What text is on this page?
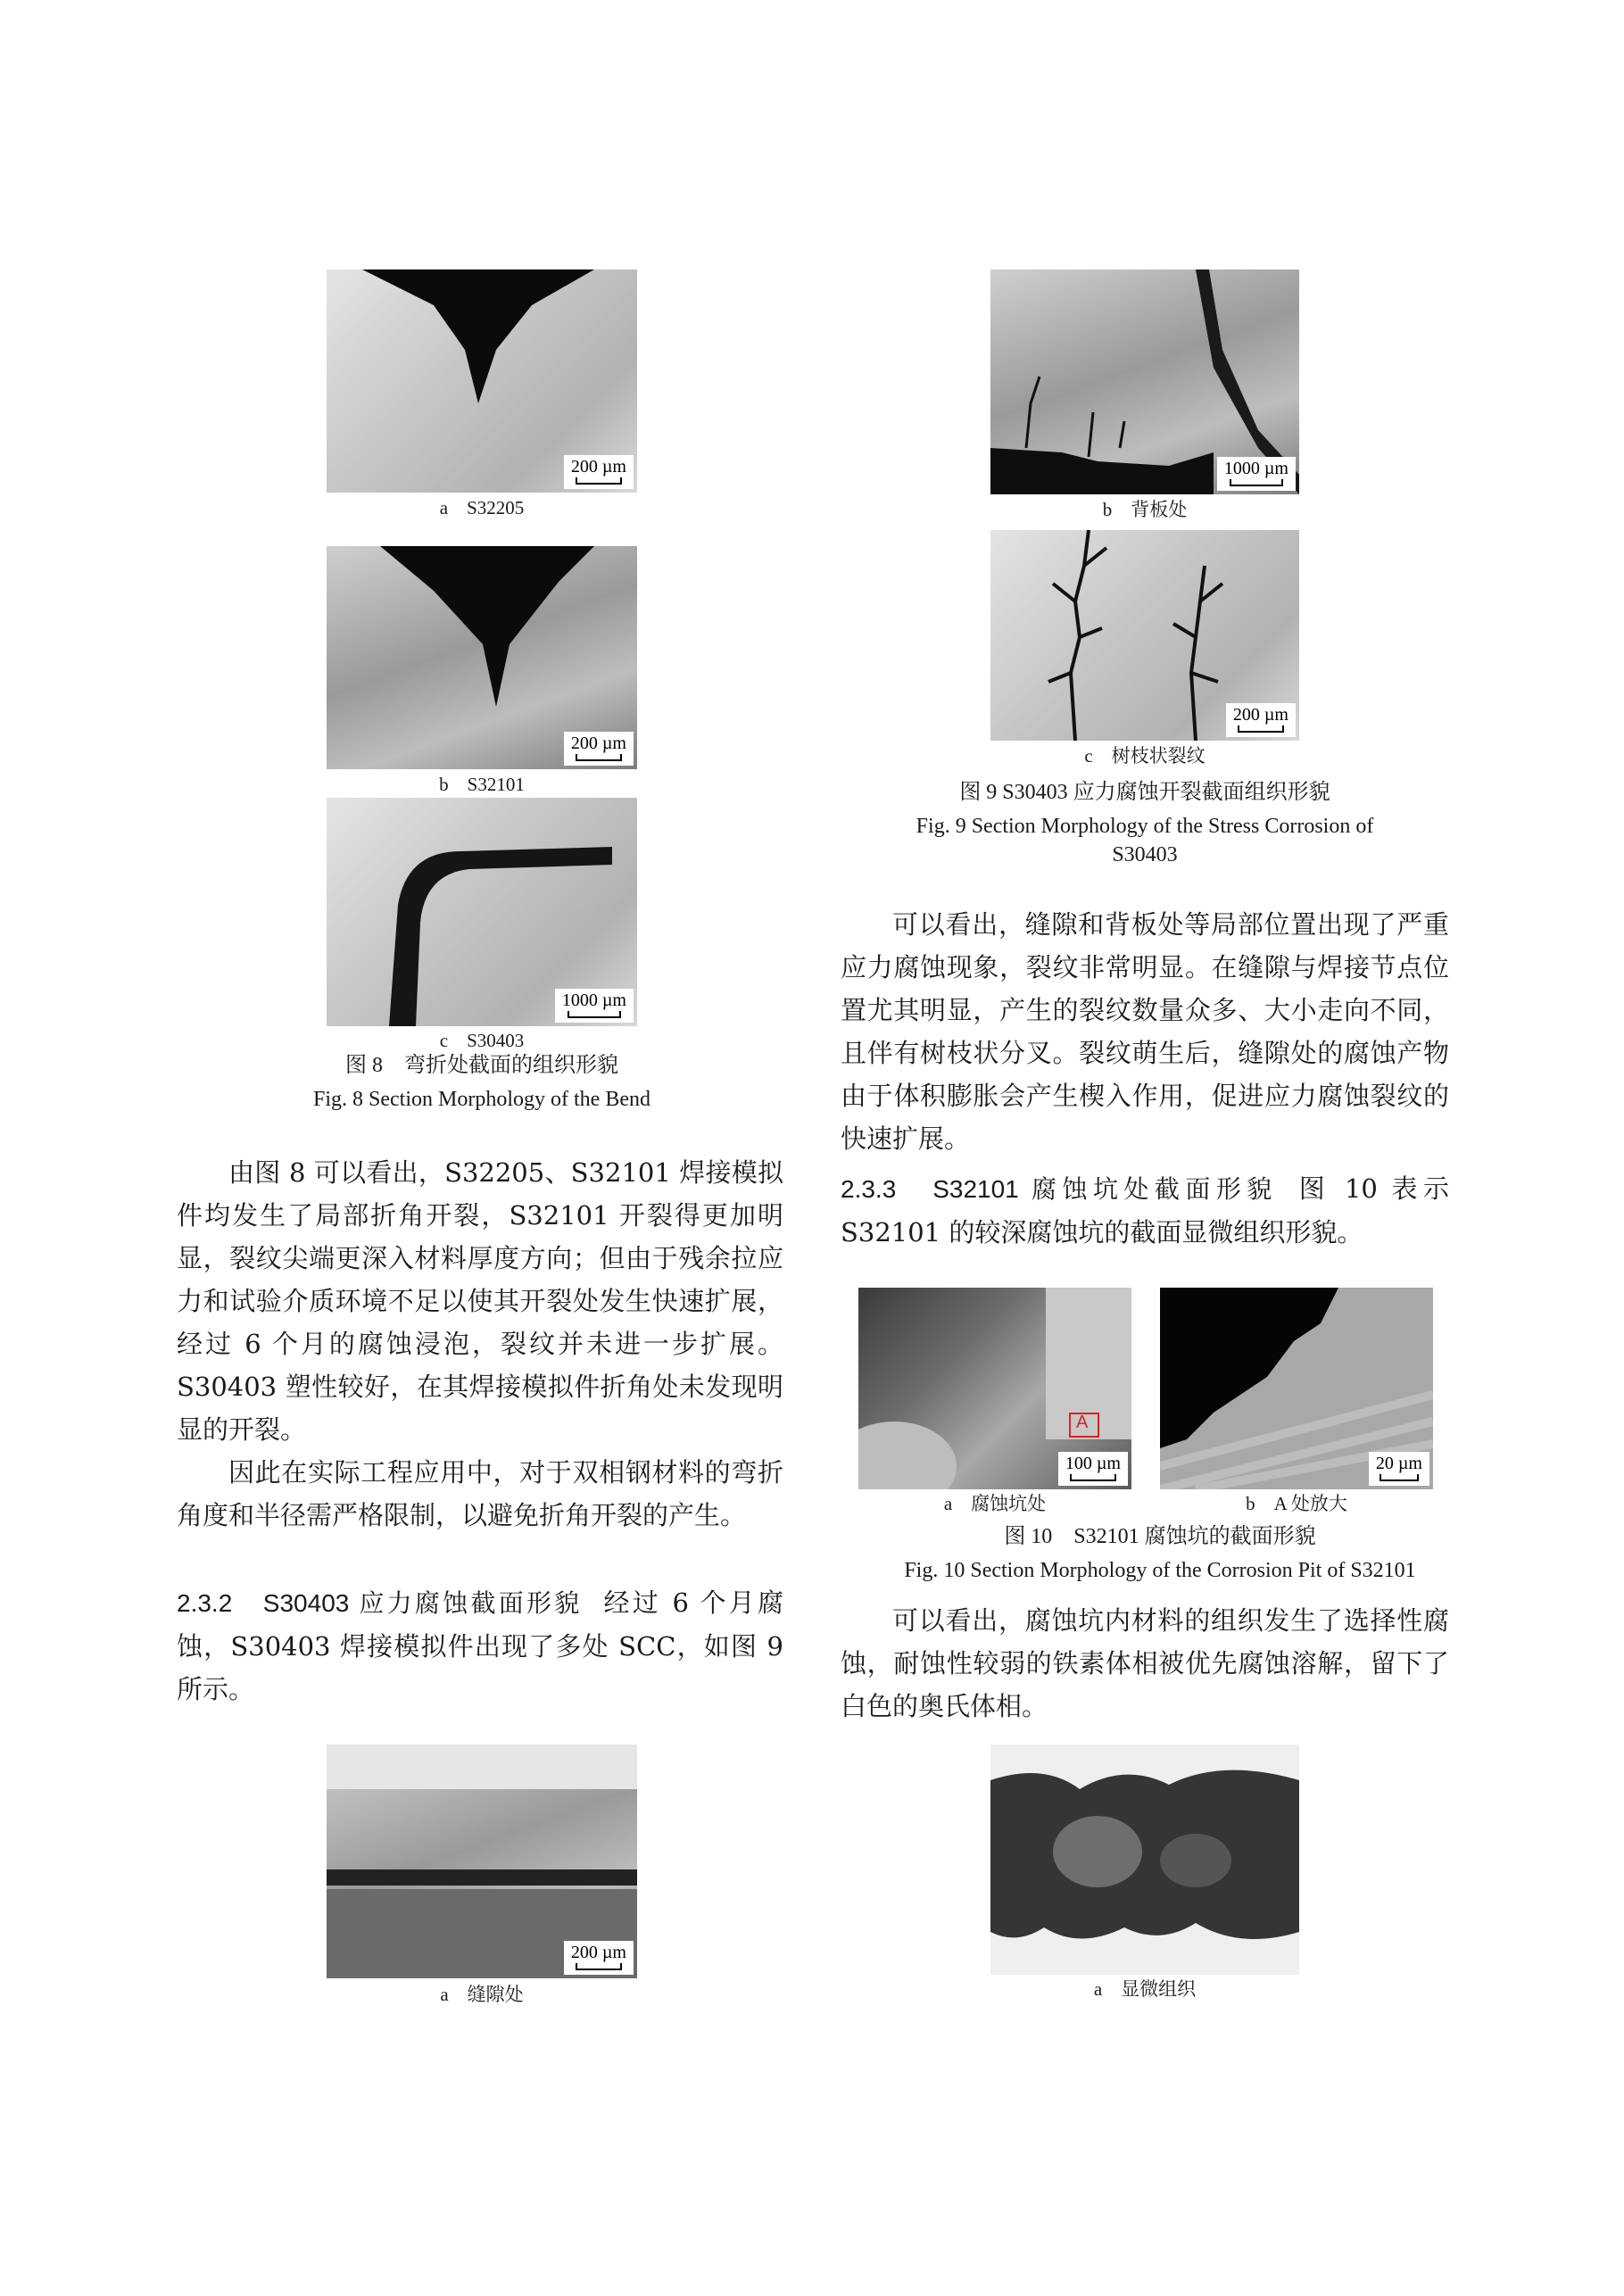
200 µm
a　S32205
200 µm
b　S32101
1000 µm
c　S30403
图 8　弯折处截面的组织形貌
Fig. 8 Section Morphology of the Bend

由图 8 可以看出，S32205、S32101 焊接模拟件均发生了局部折角开裂，S32101 开裂得更加明显，裂纹尖端更深入材料厚度方向；但由于残余拉应力和试验介质环境不足以使其开裂处发生快速扩展，经过 6 个月的腐蚀浸泡，裂纹并未进一步扩展。S30403 塑性较好，在其焊接模拟件折角处未发现明显的开裂。

因此在实际工程应用中，对于双相钢材料的弯折角度和半径需严格限制，以避免折角开裂的产生。

2.3.2　S30403 应力腐蚀截面形貌 经过 6 个月腐蚀，S30403 焊接模拟件出现了多处 SCC，如图 9 所示。

200 µm
a　缝隙处
1000 µm
b　背板处
200 µm
c　树枝状裂纹
图 9 S30403 应力腐蚀开裂截面组织形貌
Fig. 9 Section Morphology of the Stress Corrosion of S30403

可以看出，缝隙和背板处等局部位置出现了严重应力腐蚀现象，裂纹非常明显。在缝隙与焊接节点位置尤其明显，产生的裂纹数量众多、大小走向不同，且伴有树枝状分叉。裂纹萌生后，缝隙处的腐蚀产物由于体积膨胀会产生楔入作用，促进应力腐蚀裂纹的快速扩展。

2.3.3　S32101 腐蚀坑处截面形貌 图 10 表示 S32101 的较深腐蚀坑的截面显微组织形貌。

A
100 µm
a　腐蚀坑处
20 µm
b　A 处放大
图 10　S32101 腐蚀坑的截面形貌
Fig. 10 Section Morphology of the Corrosion Pit of S32101

可以看出，腐蚀坑内材料的组织发生了选择性腐蚀，耐蚀性较弱的铁素体相被优先腐蚀溶解，留下了白色的奥氏体相。

a　显微组织
